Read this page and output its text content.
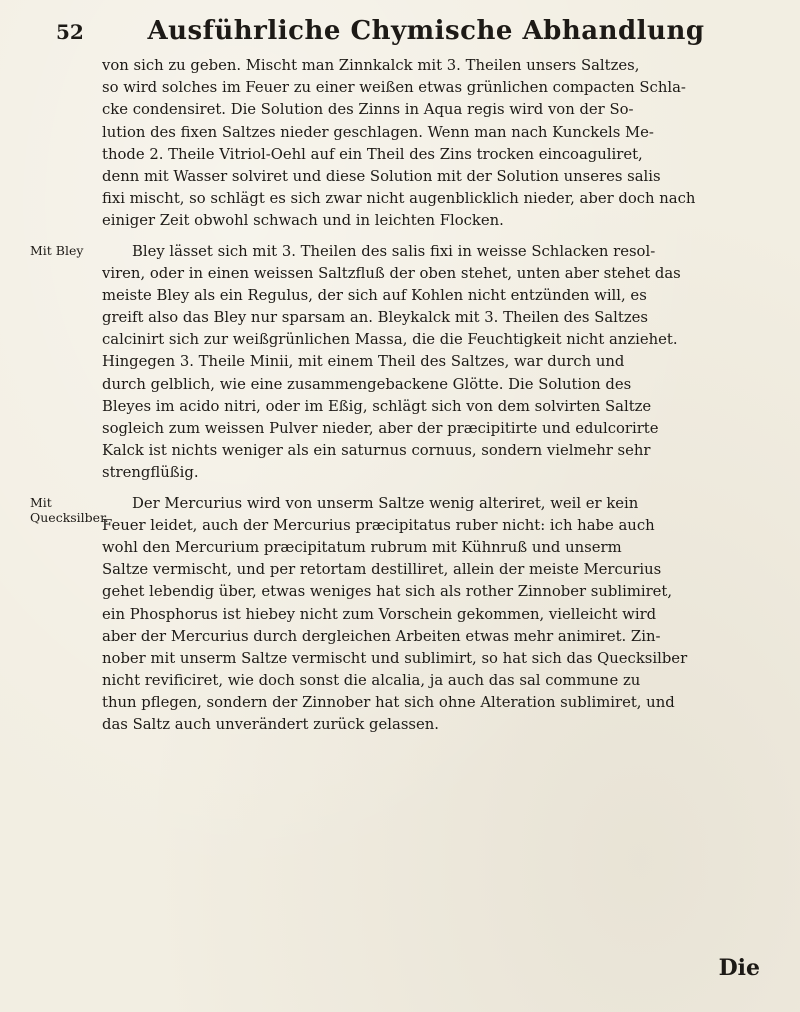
52	Ausführliche Chymische Abhandlung
von sich zu geben. Mischt man Zinnkalck mit 3. Theilen unsers Saltzes,
so wird solches im Feuer zu einer weißen etwas grünlichen compacten Schla-
cke condensiret. Die Solution des Zinns in Aqua regis wird von der So-
lution des fixen Saltzes nieder geschlagen. Wenn man nach Kunckels Me-
thode 2. Theile Vitriol-Oehl auf ein Theil des Zins trocken eincoaguliret,
denn mit Wasser solviret und diese Solution mit der Solution unseres salis
fixi mischt, so schlägt es sich zwar nicht augenblicklich nieder, aber doch nach
einiger Zeit obwohl schwach und in leichten Flocken.
Mit Bley	Bley lässet sich mit 3. Theilen des salis fixi in weisse Schlacken resol-
viren, oder in einen weissen Saltzfluß der oben stehet, unten aber stehet das
meiste Bley als ein Regulus, der sich auf Kohlen nicht entzünden will, es
greift also das Bley nur sparsam an. Bleykalck mit 3. Theilen des Saltzes
calcinirt sich zur weißgrünlichen Massa, die die Feuchtigkeit nicht anziehet.
Hingegen 3. Theile Minii, mit einem Theil des Saltzes, war durch und
durch gelblich, wie eine zusammengebackene Glötte. Die Solution des
Bleyes im acido nitri, oder im Eßig, schlägt sich von dem solvirten Saltze
sogleich zum weissen Pulver nieder, aber der præcipitirte und edulcorirte
Kalck ist nichts weniger als ein saturnus cornuus, sondern vielmehr sehr
strengflüßig.
Mit Quecksilber.
Der Mercurius wird von unserm Saltze wenig alteriret, weil er kein
Feuer leidet, auch der Mercurius præcipitatus ruber nicht: ich habe auch
wohl den Mercurium præcipitatum rubrum mit Kühnruß und unserm
Saltze vermischt, und per retortam destilliret, allein der meiste Mercurius
gehet lebendig über, etwas weniges hat sich als rother Zinnober sublimiret,
ein Phosphorus ist hiebey nicht zum Vorschein gekommen, vielleicht wird
aber der Mercurius durch dergleichen Arbeiten etwas mehr animiret. Zin-
nober mit unserm Saltze vermischt und sublimirt, so hat sich das Quecksilber
nicht revificiret, wie doch sonst die alcalia, ja auch das sal commune zu
thun pflegen, sondern der Zinnober hat sich ohne Alteration sublimiret, und
das Saltz auch unverändert zurück gelassen.
Die
